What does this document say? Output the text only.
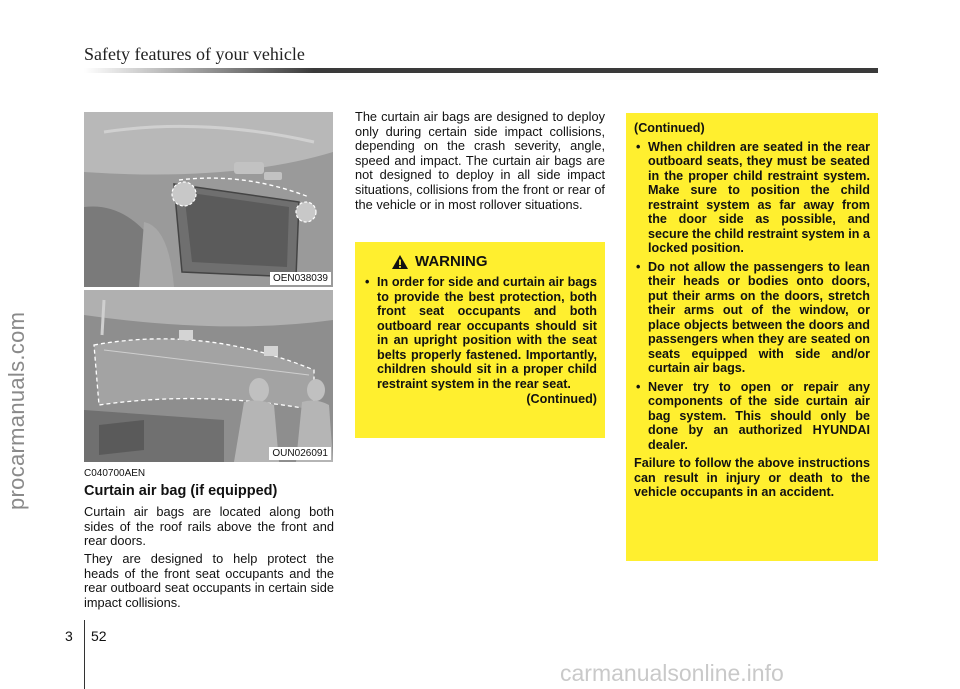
Safety features of your vehicle
procarmanuals.com
carmanualsonline.info
OEN038039
OUN026091
C040700AEN
Curtain air bag (if equipped)
Curtain air bags are located along both sides of the roof rails above the front and rear doors.
They are designed to help protect the heads of the front seat occupants and the rear outboard seat occupants in certain side impact collisions.
The curtain air bags are designed to deploy only during certain side impact collisions, depending on the crash severity, angle, speed and impact. The curtain air bags are not designed to deploy in all side impact situations, collisions from the front or rear of the vehicle or in most rollover situations.
WARNING
• In order for side and curtain air bags to provide the best protection, both front seat occupants and both outboard rear occupants should sit in an upright position with the seat belts properly fastened. Importantly, children should sit in a proper child restraint system in the rear seat.
(Continued)
(Continued)
• When children are seated in the rear outboard seats, they must be seated in the proper child restraint system. Make sure to position the child restraint system as far away from the door side as possible, and secure the child restraint system in a locked position.
• Do not allow the passengers to lean their heads or bodies onto doors, put their arms on the doors, stretch their arms out of the window, or place objects between the doors and passengers when they are seated on seats equipped with side and/or curtain air bags.
• Never try to open or repair any components of the side curtain air bag system. This should only be done by an authorized HYUNDAI dealer.
Failure to follow the above instructions can result in injury or death to the vehicle occupants in an accident.
3 52
